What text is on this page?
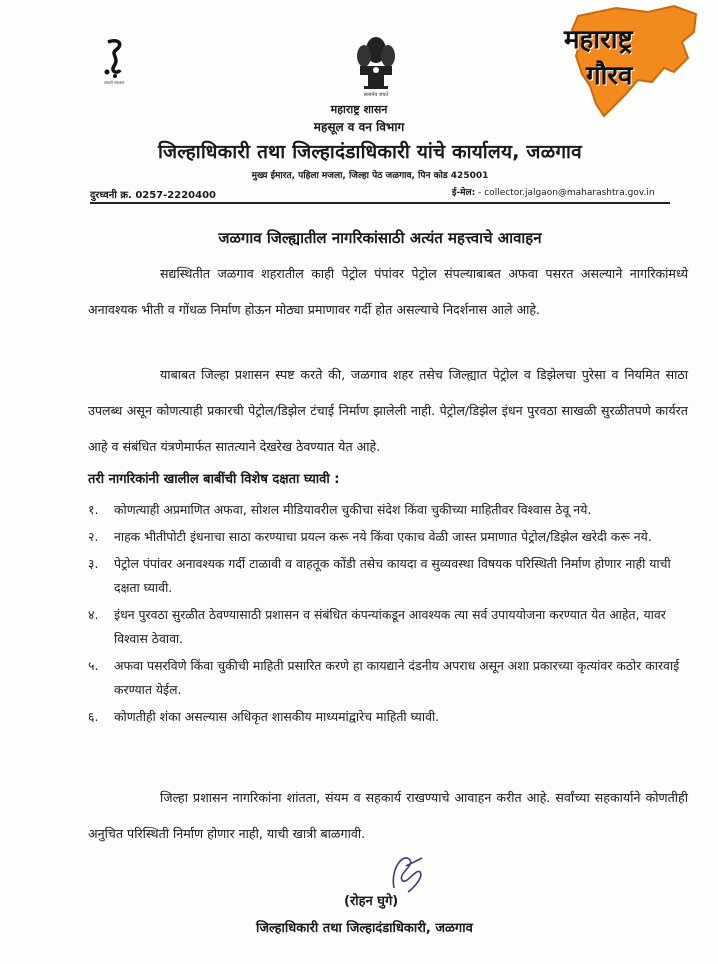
आपले सरकार
सत्यमेव जयते
महाराष्ट्र
गौरव
महाराष्ट्र शासन
महसूल व वन विभाग
जिल्हाधिकारी तथा जिल्हादंडाधिकारी यांचे कार्यालय, जळगाव
मुख्य ईमारत, पहिला मजला, जिल्हा पेठ जळगाव, पिन कोड 425001
दुरध्वनी क्र. 0257-2220400	ई-मेल: - collector.jalgaon@maharashtra.gov.in
जळगाव जिल्ह्यातील नागरिकांसाठी अत्यंत महत्त्वाचे आवाहन
सद्यस्थितीत जळगाव शहरातील काही पेट्रोल पंपांवर पेट्रोल संपल्याबाबत अफवा पसरत असल्याने नागरिकांमध्ये अनावश्यक भीती व गोंधळ निर्माण होऊन मोठ्या प्रमाणावर गर्दी होत असल्याचे निदर्शनास आले आहे.
याबाबत जिल्हा प्रशासन स्पष्ट करते की, जळगाव शहर तसेच जिल्ह्यात पेट्रोल व डिझेलचा पुरेसा व नियमित साठा उपलब्ध असून कोणत्याही प्रकारची पेट्रोल/डिझेल टंचाई निर्माण झालेली नाही. पेट्रोल/डिझेल इंधन पुरवठा साखळी सुरळीतपणे कार्यरत आहे व संबंधित यंत्रणेमार्फत सातत्याने देखरेख ठेवण्यात येत आहे.
तरी नागरिकांनी खालील बाबींची विशेष दक्षता घ्यावी :
१. कोणत्याही अप्रमाणित अफवा, सोशल मीडियावरील चुकीचा संदेश किंवा चुकीच्या माहितीवर विश्वास ठेवू नये.
२. नाहक भीतीपोटी इंधनाचा साठा करण्याचा प्रयत्न करू नये किंवा एकाच वेळी जास्त प्रमाणात पेट्रोल/डिझेल खरेदी करू नये.
३. पेट्रोल पंपांवर अनावश्यक गर्दी टाळावी व वाहतूक कोंडी तसेच कायदा व सुव्यवस्था विषयक परिस्थिती निर्माण होणार नाही याची दक्षता घ्यावी.
४. इंधन पुरवठा सुरळीत ठेवण्यासाठी प्रशासन व संबंधित कंपन्यांकडून आवश्यक त्या सर्व उपाययोजना करण्यात येत आहेत, यावर विश्वास ठेवावा.
५. अफवा पसरविणे किंवा चुकीची माहिती प्रसारित करणे हा कायद्याने दंडनीय अपराध असून अशा प्रकारच्या कृत्यांवर कठोर कारवाई करण्यात येईल.
६. कोणतीही शंका असल्यास अधिकृत शासकीय माध्यमांद्वारेच माहिती घ्यावी.
जिल्हा प्रशासन नागरिकांना शांतता, संयम व सहकार्य राखण्याचे आवाहन करीत आहे. सर्वांच्या सहकार्याने कोणतीही अनुचित परिस्थिती निर्माण होणार नाही, याची खात्री बाळगावी.
(रोहन घुगे)
जिल्हाधिकारी तथा जिल्हादंडाधिकारी, जळगाव
